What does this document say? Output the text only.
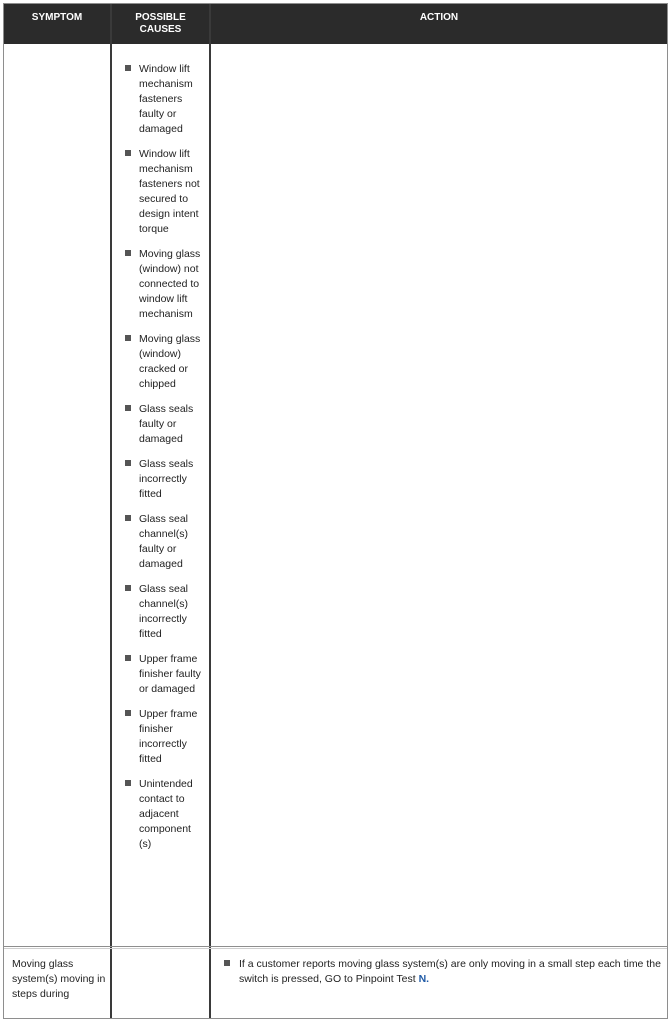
SYMPTOM	POSSIBLE
CAUSES
ACTION
Window lift mechanism fasteners faulty or damaged
Window lift mechanism fasteners not secured to design intent torque
Moving glass (window) not connected to window lift mechanism
Moving glass (window) cracked or chipped
Glass seals faulty or damaged
Glass seals incorrectly fitted
Glass seal channel(s) faulty or damaged
Glass seal channel(s) incorrectly fitted
Upper frame finisher faulty or damaged
Upper frame finisher incorrectly fitted
Unintended contact to adjacent component (s)
Moving glass system(s) moving in steps during
If a customer reports moving glass system(s) are only moving in a small step each time the switch is pressed, GO to Pinpoint Test N.
